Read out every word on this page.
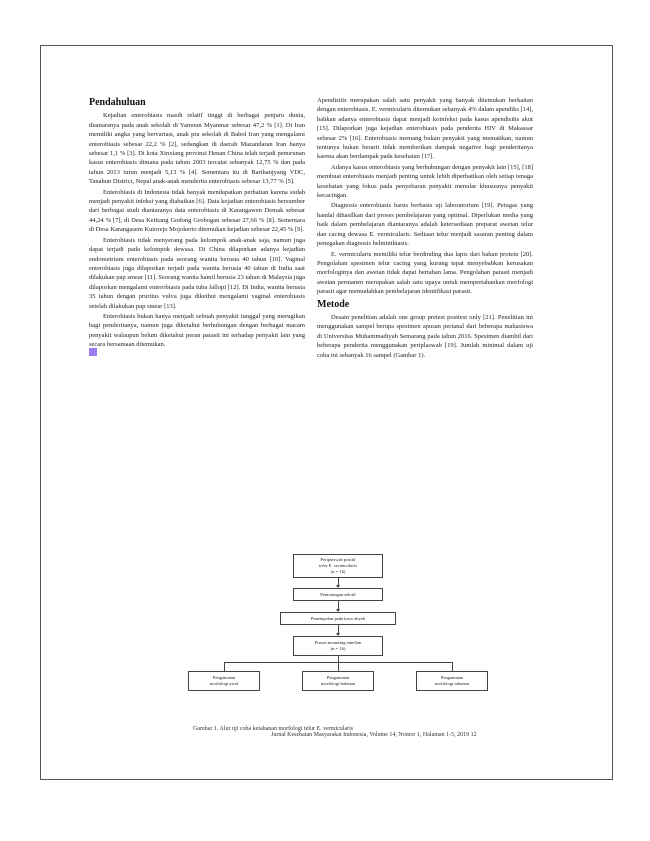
Pendahuluan

Kejadian enterobiasis masih relatif tinggi di berbagai penjuru dunia, diantaranya pada anak sekolah di Yamoun Myanmar sebesar 47,2 % [1]. Di Iran memiliki angka yang bervariasi, anak pra sekolah di Babol Iran yang mengalami enterobiasis sebesar 22,2 % [2], sedangkan di daerah Mazandaran Iran hanya sebesar 1,1 % [3]. Di kota Xinxiang provinsi Henan China telah terjadi penurunan kasus enterobiasis dimana pada tahun 2003 tercatat sebanyak 12,75 % dan pada tahun 2013 turun menjadi 5,13 % [4]. Sementara itu di Barthanjyang VDC, Tanahun District, Nepal anak-anak menderita enterobiasis sebesar 13,77 % [5].

Enterobiasis di Indonesia tidak banyak mendapatkan perhatian karena sudah menjadi penyakit infeksi yang diabaikan [6]. Data kejadian enterobiasis bersumber dari berbagai studi diantaranya data enterobiasis di Karangawen Demak sebesar 44,24 % [7], di Desa Ketitang Godong Grobogan sebesar 27,66 % [8]. Sementara di Desa Karangasem Kutorejo Mojokerto ditemukan kejadian sebesar 22,45 % [9].

Enterobiasis tidak menyerang pada kelompok anak-anak saja, namun juga dapat terjadi pada kelompok dewasa. Di China dilaporkan adanya kejadian endometrium enterobiasis pada seorang wanita berusia 40 tahun [10]. Vaginal enterobiasis juga dilaporkan terjadi pada wanita berusia 40 tahun di India saat dilakukan pap smear [11]. Seorang wanita hamil berusia 23 tahun di Malaysia juga dilaporkan mengalami enterobiasis pada tuba fallopi [12]. Di India, wanita berusia 35 tahun dengan pruritus vulva juga dikethui mengalami vaginal enterobiasis setelah dilakukan pap smear [13].

Enterobiasis bukan hanya menjadi sebuah penyakit tunggal yang merugikan bagi penderitanya, namun juga diketahui berhubungan dengan berbagai macam penyakit walaupun belum diketahui peran parasit ini terhadap penyakit lain yang secara bersamaan ditemukan.

Apendisitis merupakan salah satu penyakit yang banyak ditemukan berkaitan dengan enterobiasis. E. vermicularis ditemukan sebanyak 4% dalam apendiks [14], bahkan adanya enterobiasis dapat menjadi koinfeksi pada kasus apendisitis akut [15]. Dilaporkan juga kejadian enterobiasis pada penderita HIV di Makassar sebesar 2% [16]. Enterobiasis memang bukan penyakit yang mematikan, namun tentunya bukan berarti tidak memberikan dampak negative bagi penderitanya karena akan berdampak pada kesehatan [17].

Adanya kasus enterobiasis yang berhubungan dengan penyakit lain [15], [18] membuat enterobiasis menjadi penting untuk lebih diperhatikan oleh setiap tenaga kesehatan yang fokus pada penyebaran penyakit menular khususnya penyakit kecacingan.

Diagnosis enterobiasis harus berbasis uji laboratorium [19]. Petugas yang handal dihasilkan dari proses pembelajaran yang optimal. Diperlukan media yang baik dalam pembelajaran diantaranya adalah ketersediaan preparat awetan telur dan cacing dewasa E. vermicularis. Sediaan telur menjadi sasaran penting dalam penegakan diagnosis helminthiasis.

E. vermicularis memiliki telur berdinding dua lapis dari bahan protein [20]. Pengolahan spesimen telur cacing yang kurang tepat menyebabkan kerusakan morfologinya dan awetan tidak dapat bertahan lama. Pengolahan parasit menjadi awetan permanen merupakan salah satu upaya untuk mempertahankan morfologi parasit agar memudahkan pembelajaran identifikasi parasit.

Metode

Desain penelitian adalah one group pretest posttest only [21]. Penelitian ini menggunakan sampel berupa spesimen apusan perianal dari beberapa mahasiswa di Universitas Muhammadiyah Semarang pada tahun 2016. Spesimen diambil dari beberapa penderita menggunakan periplaswab [19]. Jumlah minimal dalam uji coba ini sebanyak 16 sampel (Gambar 1).

Periplaswab positif
telur E. vermicularis
(n = 16)
Pemotongan selotif
Penempelan pada kaca obyek
Proses mounting entellan
(n = 16)
Pengamatan
morfologi awal
Pengamatan
morfologi bulanan
Pengamatan
morfologi tahunan
Gambar 1. Alur uji coba ketahanan morfologi telur E. vermicularis
Jurnal Kesehatan Masyarakat Indonesia, Volume 14, Nomor 1, Halaman 1-5, 2019 12
